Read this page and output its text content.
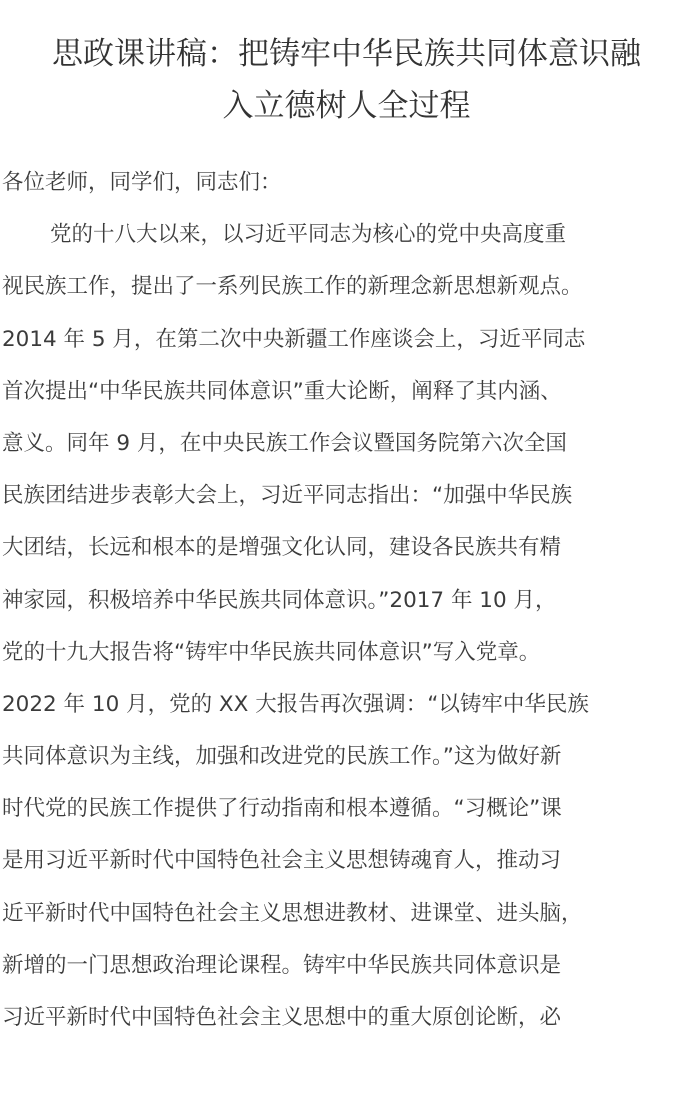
思政课讲稿：把铸牢中华民族共同体意识融
入立德树人全过程
各位老师，同学们，同志们：
党的十八大以来，以习近平同志为核心的党中央高度重
视民族工作，提出了一系列民族工作的新理念新思想新观点。
2014 年 5 月，在第二次中央新疆工作座谈会上，习近平同志
首次提出“中华民族共同体意识”重大论断，阐释了其内涵、
意义。同年 9 月，在中央民族工作会议暨国务院第六次全国
民族团结进步表彰大会上，习近平同志指出：“加强中华民族
大团结，长远和根本的是增强文化认同，建设各民族共有精
神家园，积极培养中华民族共同体意识。”2017 年 10 月，
党的十九大报告将“铸牢中华民族共同体意识”写入党章。
2022 年 10 月，党的 XX 大报告再次强调：“以铸牢中华民族
共同体意识为主线，加强和改进党的民族工作。”这为做好新
时代党的民族工作提供了行动指南和根本遵循。“习概论”课
是用习近平新时代中国特色社会主义思想铸魂育人，推动习
近平新时代中国特色社会主义思想进教材、进课堂、进头脑，
新增的一门思想政治理论课程。铸牢中华民族共同体意识是
习近平新时代中国特色社会主义思想中的重大原创论断，必
